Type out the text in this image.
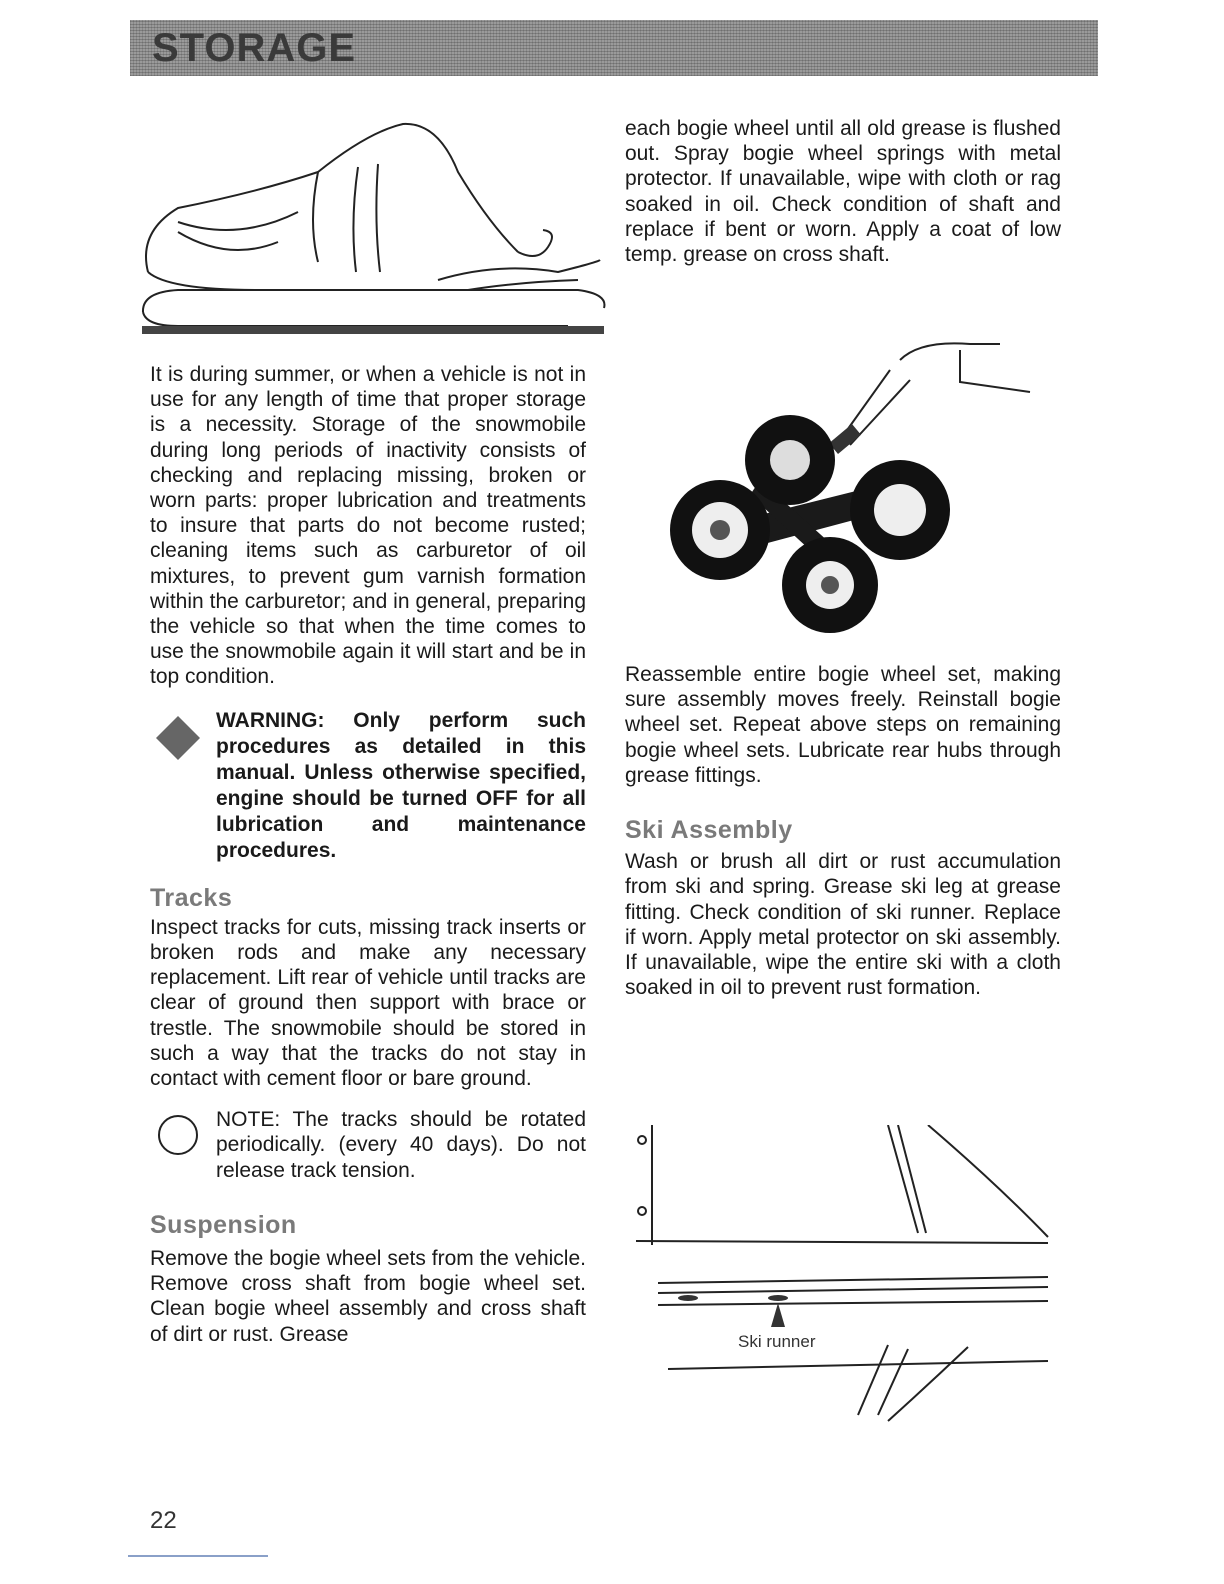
STORAGE
Ski runner

It is during summer, or when a vehicle is not in use for any length of time that proper storage is a necessity. Storage of the snowmobile during long periods of inactivity consists of checking and replacing missing, broken or worn parts: proper lubrication and treatments to insure that parts do not become rusted; cleaning items such as carburetor of oil mixtures, to prevent gum varnish formation within the carburetor; and in general, preparing the vehicle so that when the time comes to use the snowmobile again it will start and be in top condition.

WARNING: Only perform such procedures as detailed in this manual. Unless otherwise specified, engine should be turned OFF for all lubrication and maintenance procedures.

Tracks

Inspect tracks for cuts, missing track inserts or broken rods and make any necessary replacement. Lift rear of vehicle until tracks are clear of ground then support with brace or trestle. The snowmobile should be stored in such a way that the tracks do not stay in contact with cement floor or bare ground.

NOTE: The tracks should be rotated periodically. (every 40 days). Do not release track tension.

Suspension

Remove the bogie wheel sets from the vehicle. Remove cross shaft from bogie wheel set. Clean bogie wheel assembly and cross shaft of dirt or rust. Grease

each bogie wheel until all old grease is flushed out. Spray bogie wheel springs with metal protector. If unavailable, wipe with cloth or rag soaked in oil. Check condition of shaft and replace if bent or worn. Apply a coat of low temp. grease on cross shaft.

Reassemble entire bogie wheel set, making sure assembly moves freely. Reinstall bogie wheel set. Repeat above steps on remaining bogie wheel sets. Lubricate rear hubs through grease fittings.

Ski Assembly

Wash or brush all dirt or rust accumulation from ski and spring. Grease ski leg at grease fitting. Check condition of ski runner. Replace if worn. Apply metal protector on ski assembly. If unavailable, wipe the entire ski with a cloth soaked in oil to prevent rust formation.

22
